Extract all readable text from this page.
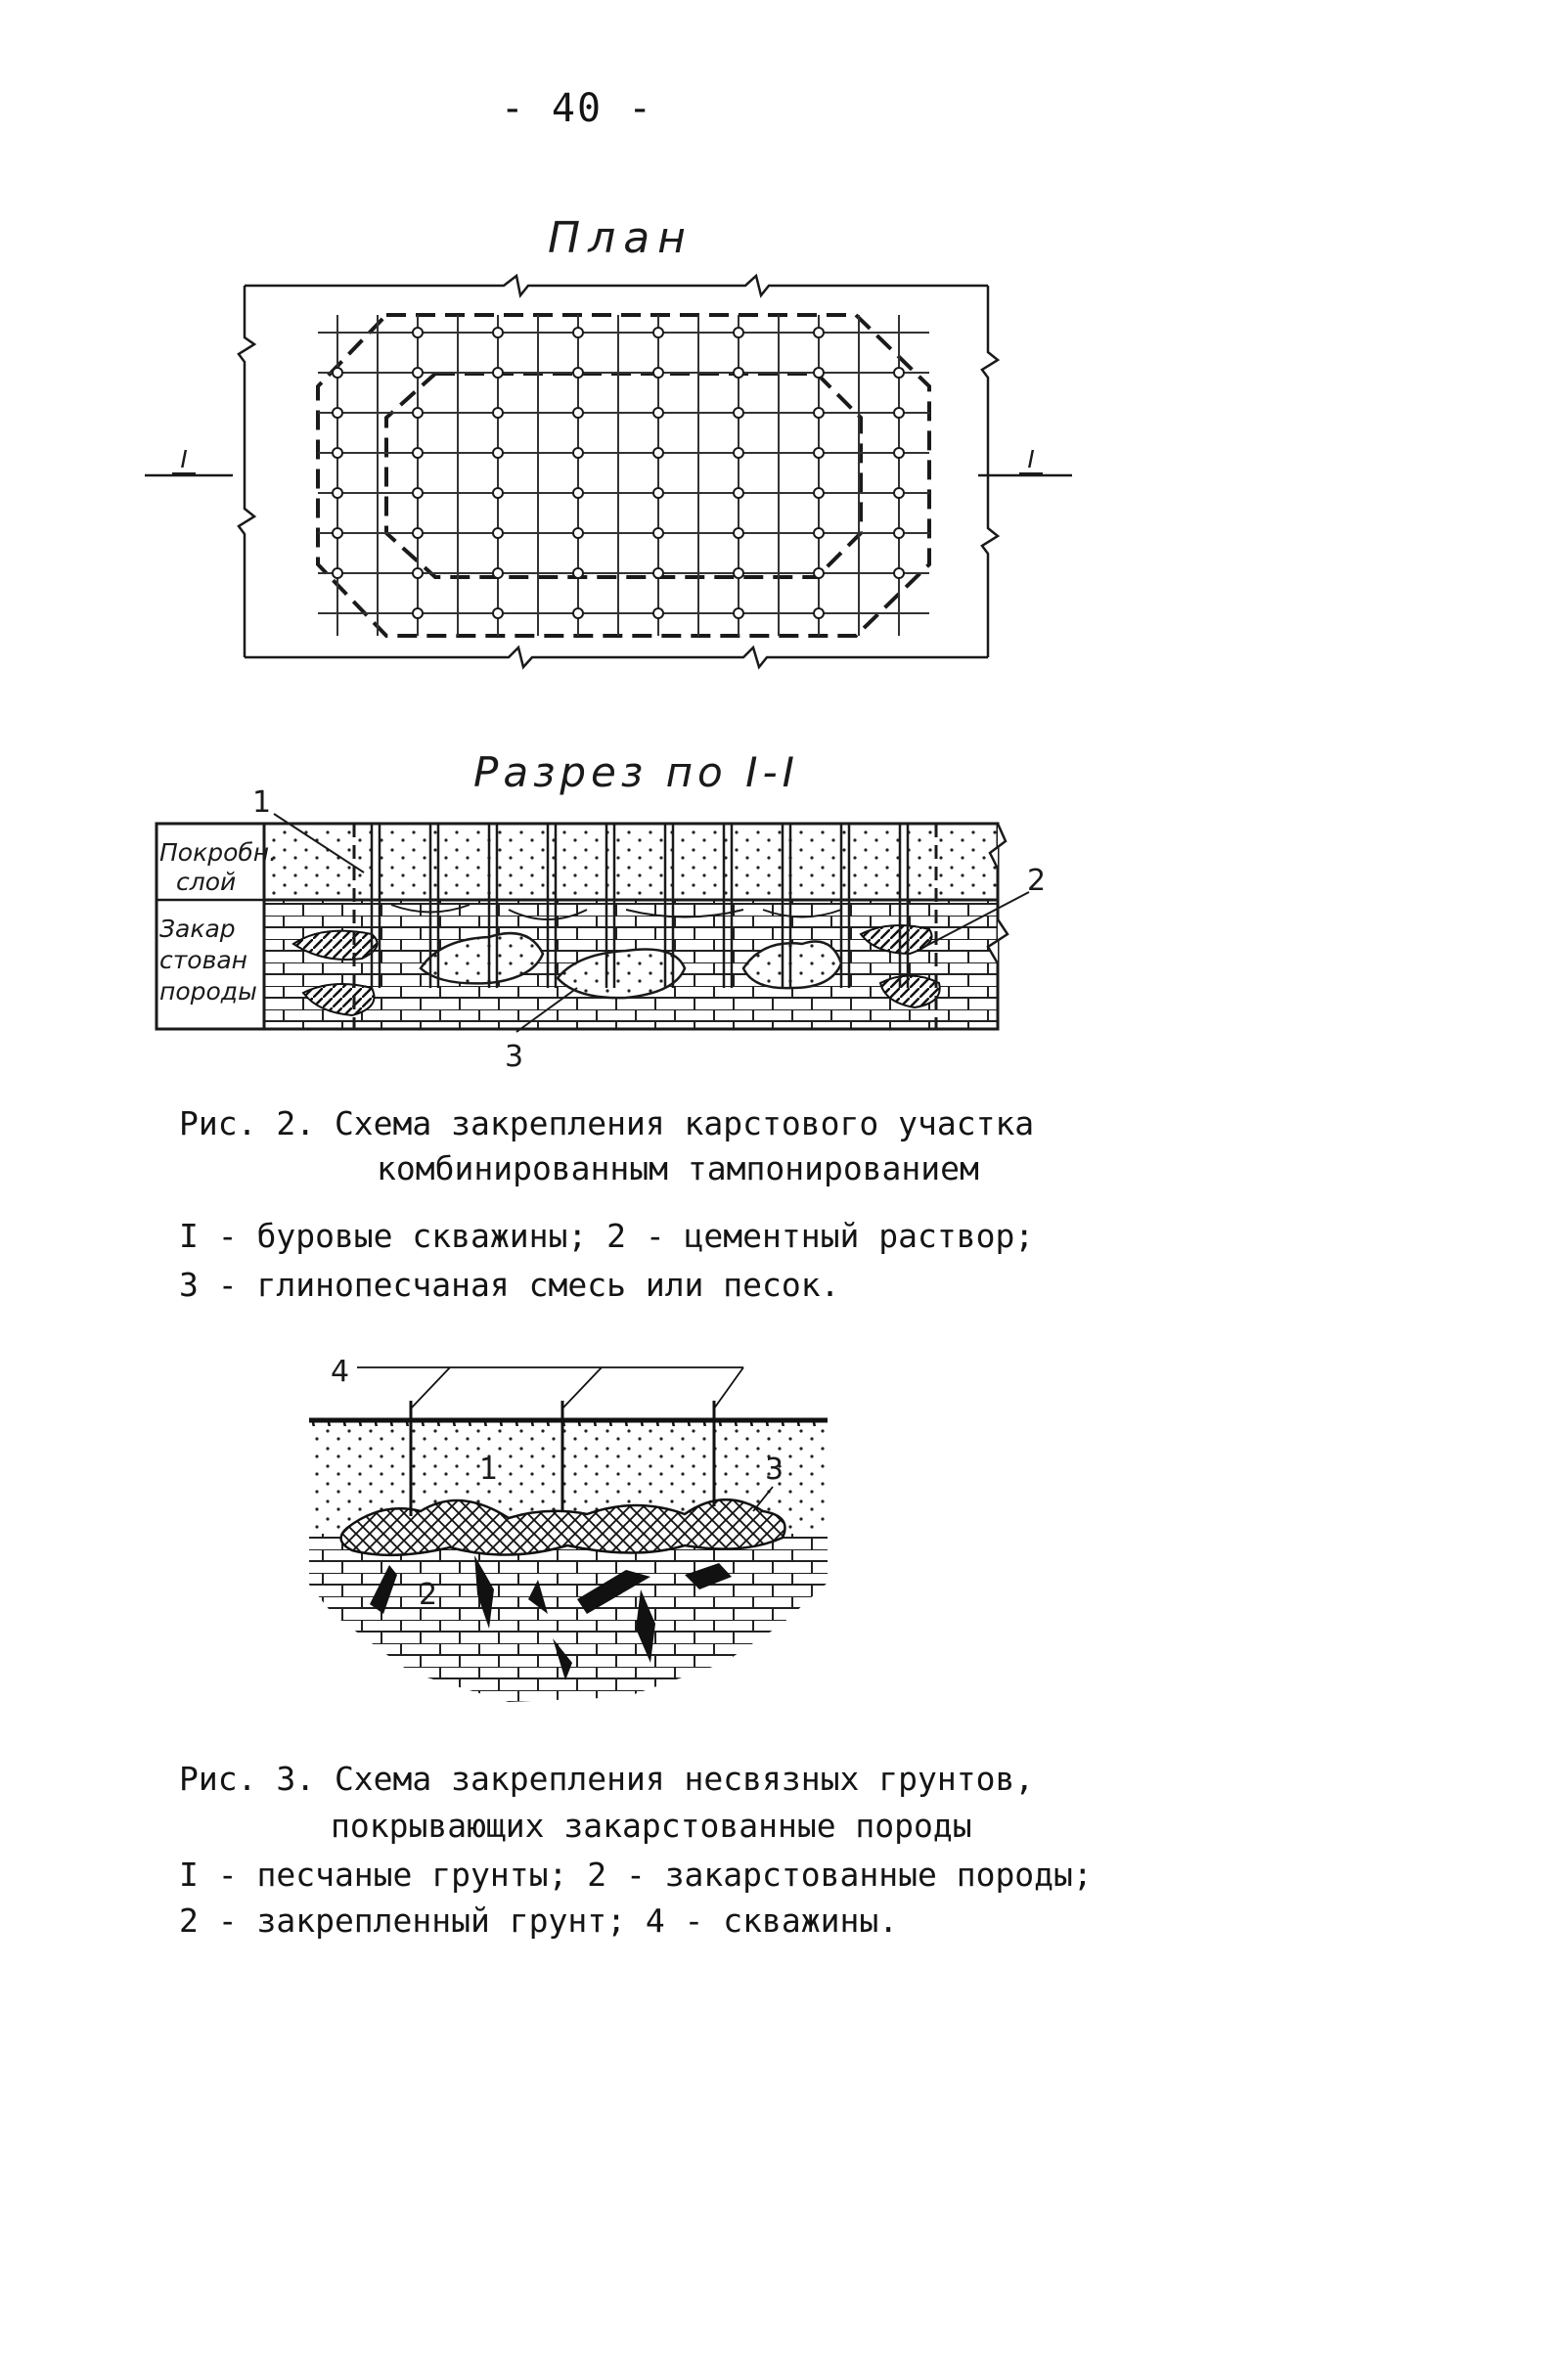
- 40 -
План
I	I
Разрез по I-I
Покробн.
слой
Закар
стован
породы
1
2
3
Рис. 2. Схема закрепления карстового участка
комбинированным тампонированием
I - буровые скважины; 2 - цементный раствор;
3 - глинопесчаная смесь или песок.
4
1
2
3
Рис. 3. Схема закрепления несвязных грунтов,
покрывающих закарстованные породы
I - песчаные грунты; 2 - закарстованные породы;
2 - закрепленный грунт; 4 - скважины.
